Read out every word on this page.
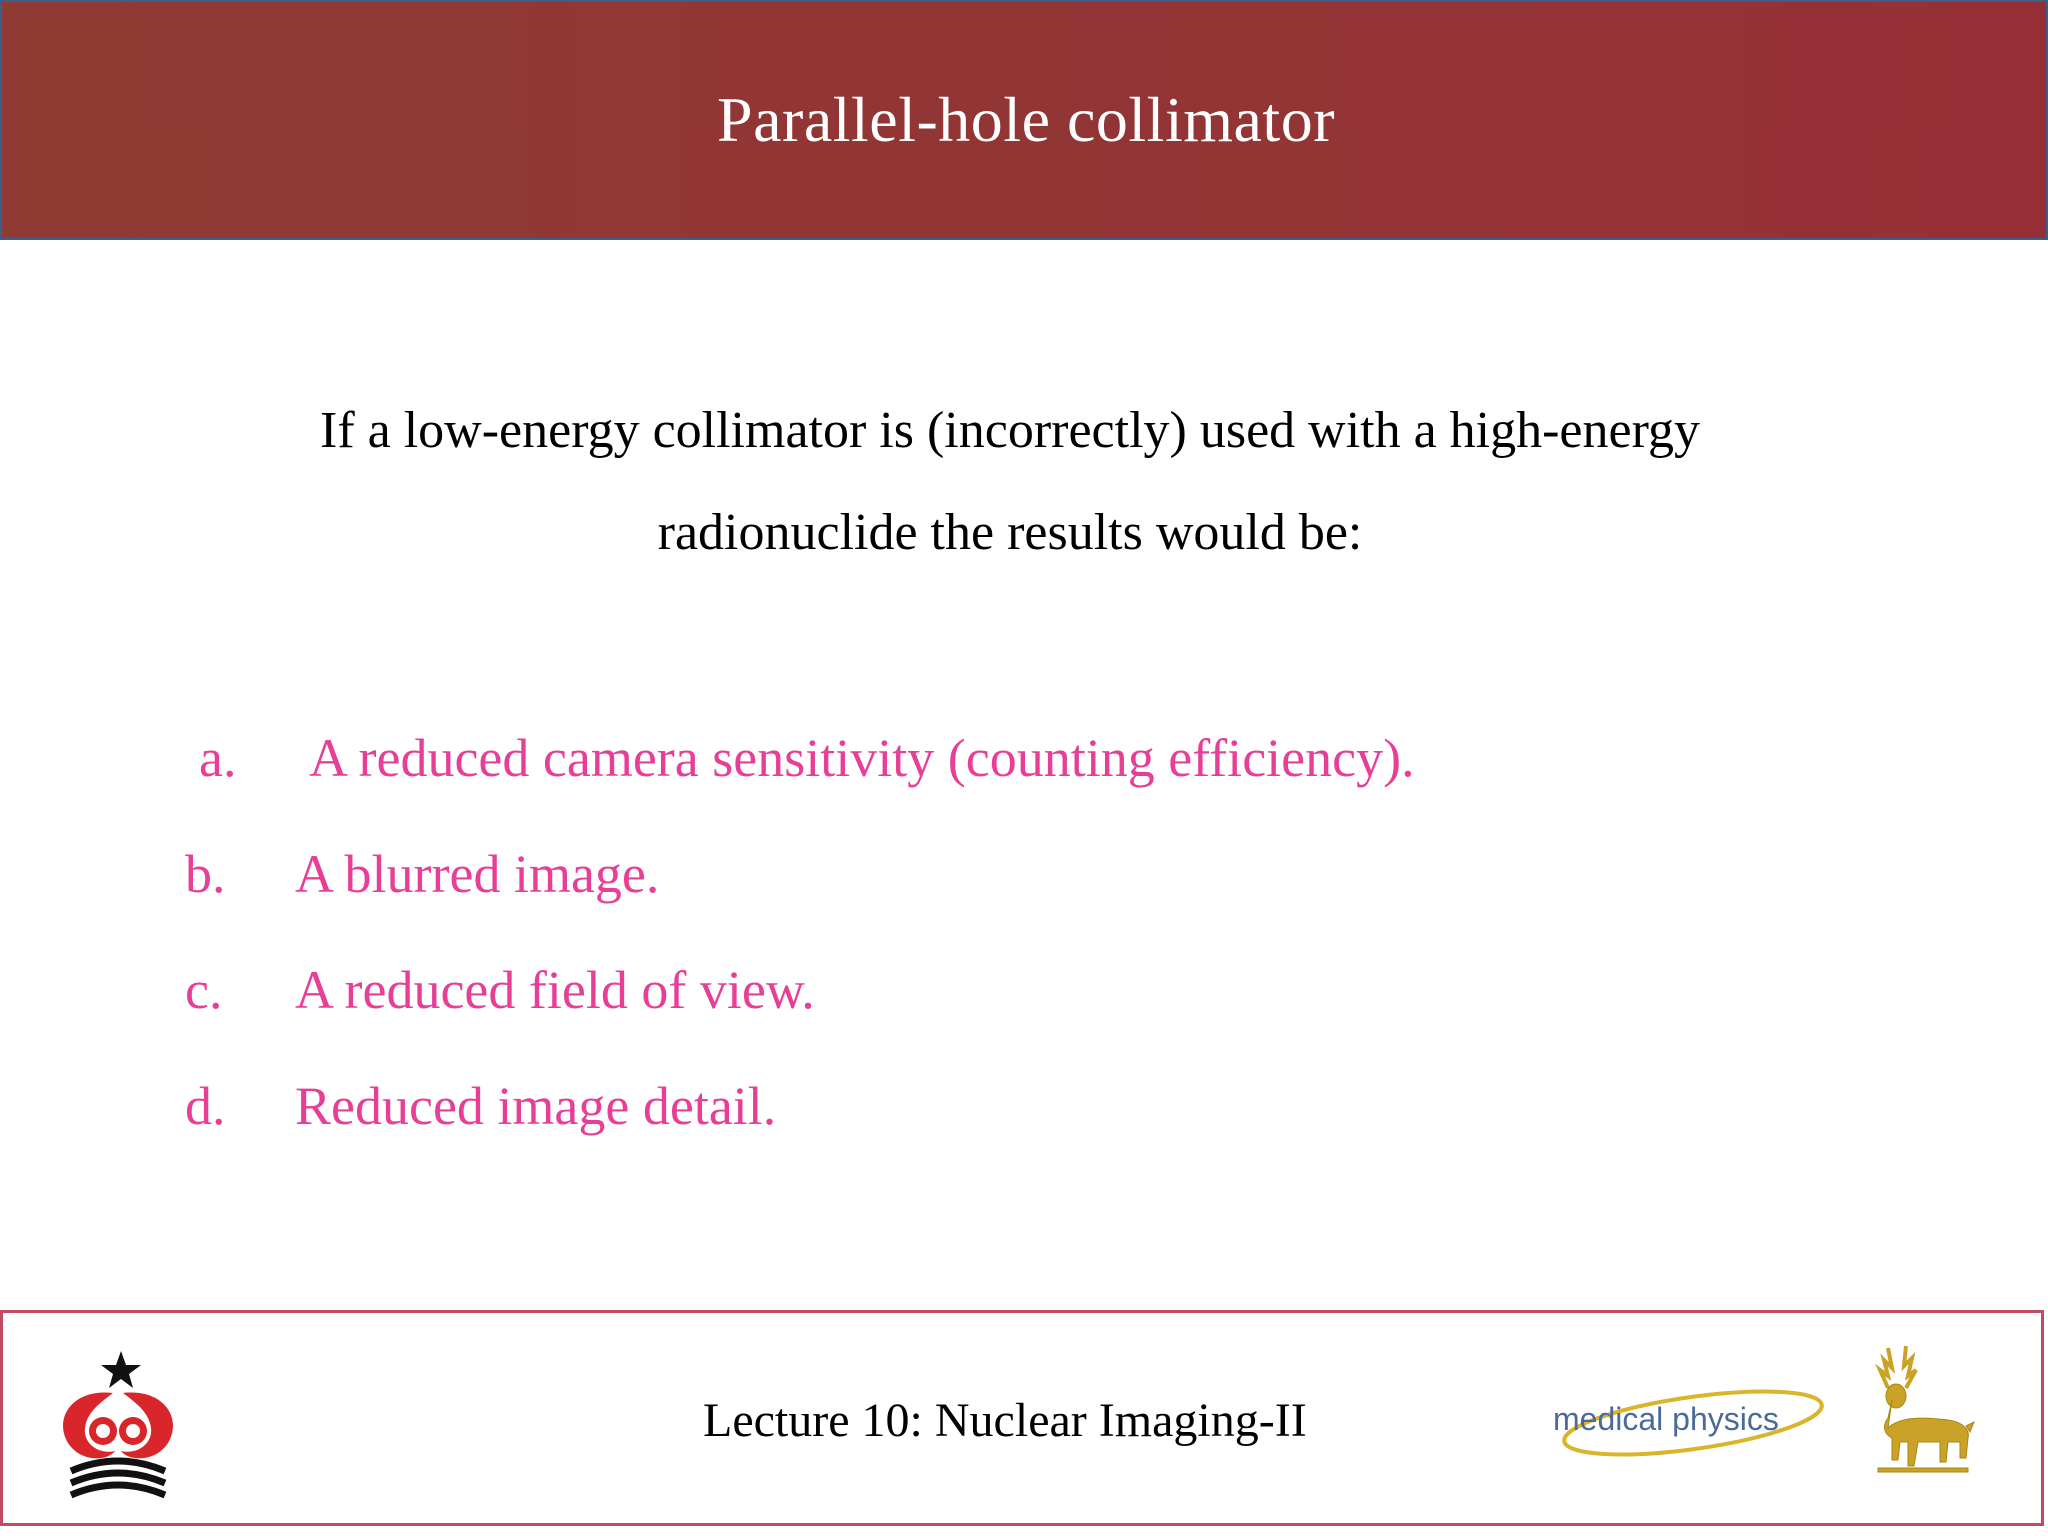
Parallel-hole collimator
If a low-energy collimator is (incorrectly) used with a high-energy
radionuclide the results would be:
a. A reduced camera sensitivity (counting efficiency).
b. A blurred image.
c. A reduced field of view.
d. Reduced image detail.
Lecture 10: Nuclear Imaging-II	medical physics
